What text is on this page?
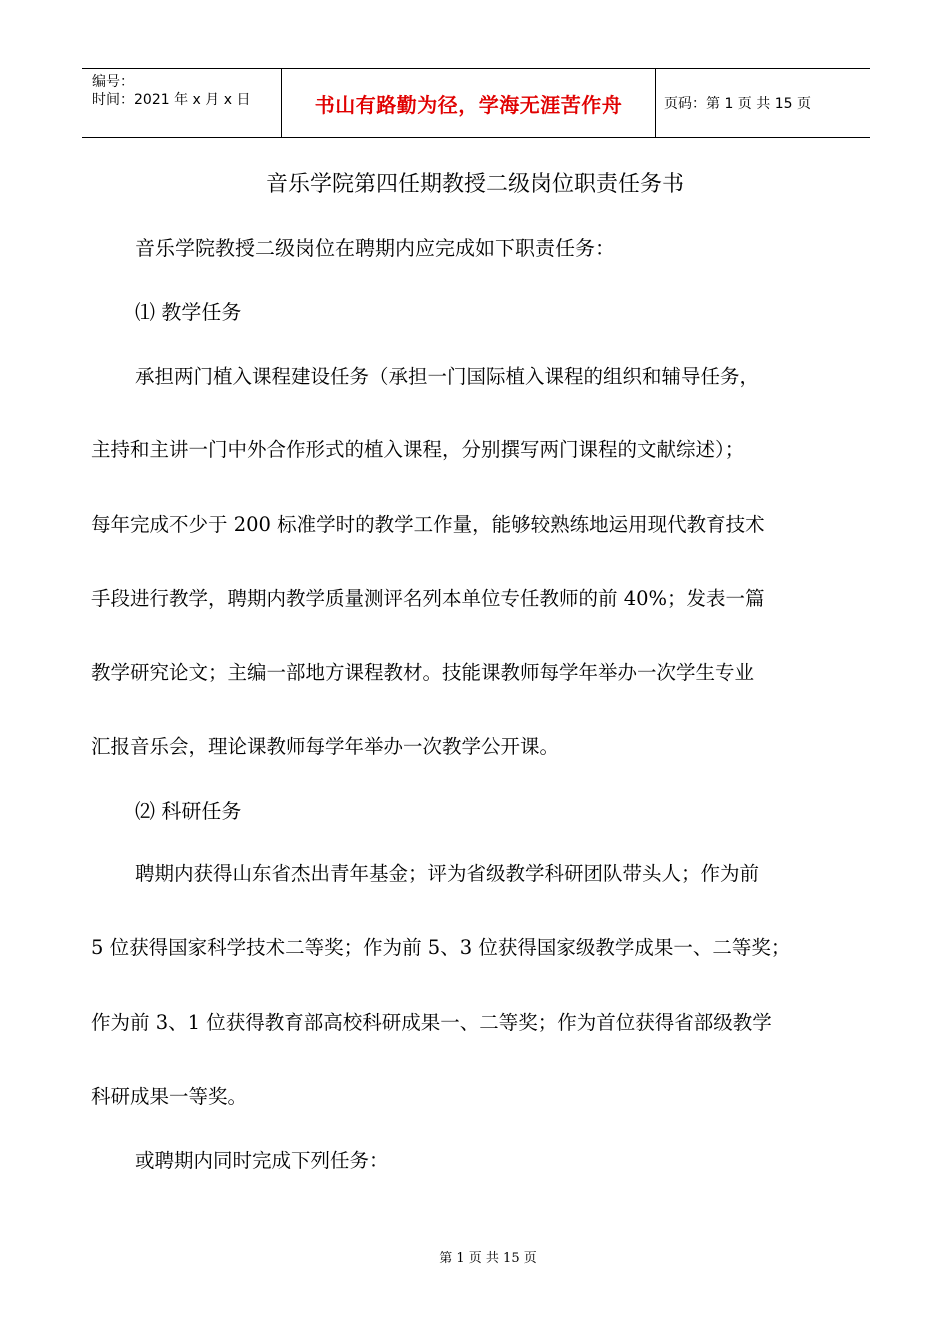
编号：
时间：2021 年 x 月 x 日	书山有路勤为径，学海无涯苦作舟	页码：第 1 页 共 15 页
音乐学院第四任期教授二级岗位职责任务书
音乐学院教授二级岗位在聘期内应完成如下职责任务：
⑴ 教学任务
承担两门植入课程建设任务（承担一门国际植入课程的组织和辅导任务，
主持和主讲一门中外合作形式的植入课程，分别撰写两门课程的文献综述）；
每年完成不少于 200 标准学时的教学工作量，能够较熟练地运用现代教育技术
手段进行教学，聘期内教学质量测评名列本单位专任教师的前 40%；发表一篇
教学研究论文；主编一部地方课程教材。技能课教师每学年举办一次学生专业
汇报音乐会，理论课教师每学年举办一次教学公开课。
⑵ 科研任务
聘期内获得山东省杰出青年基金；评为省级教学科研团队带头人；作为前
5 位获得国家科学技术二等奖；作为前 5、3 位获得国家级教学成果一、二等奖；
作为前 3、1 位获得教育部高校科研成果一、二等奖；作为首位获得省部级教学
科研成果一等奖。
或聘期内同时完成下列任务：
第 1 页 共 15 页
